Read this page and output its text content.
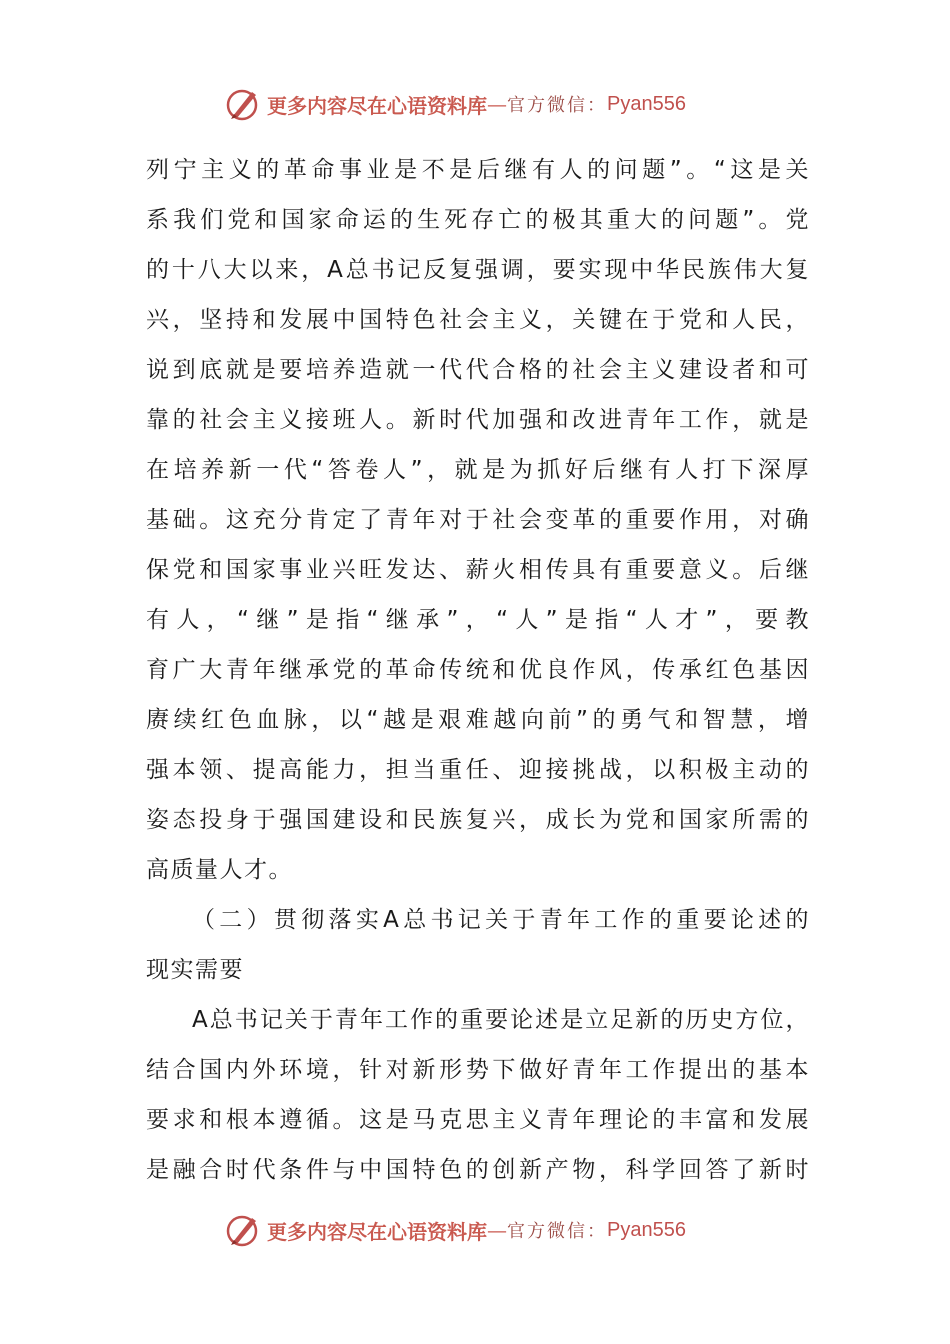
更多内容尽在心语资料库 — 官方微信： Pyan556
列宁主义的革命事业是不是后继有人的问题”。“这是关
系我们党和国家命运的生死存亡的极其重大的问题”。党
的十八大以来，A总书记反复强调，要实现中华民族伟大复
兴，坚持和发展中国特色社会主义，关键在于党和人民，
说到底就是要培养造就一代代合格的社会主义建设者和可
靠的社会主义接班人。新时代加强和改进青年工作，就是
在培养新一代“答卷人”，就是为抓好后继有人打下深厚
基础。这充分肯定了青年对于社会变革的重要作用，对确
保党和国家事业兴旺发达、薪火相传具有重要意义。后继
有人，“继”是指“继承”，“人”是指“人才”，要教
育广大青年继承党的革命传统和优良作风，传承红色基因
赓续红色血脉，以“越是艰难越向前”的勇气和智慧，增
强本领、提高能力，担当重任、迎接挑战，以积极主动的
姿态投身于强国建设和民族复兴，成长为党和国家所需的
高质量人才。
（二）贯彻落实A总书记关于青年工作的重要论述的
现实需要
A总书记关于青年工作的重要论述是立足新的历史方位，
结合国内外环境，针对新形势下做好青年工作提出的基本
要求和根本遵循。这是马克思主义青年理论的丰富和发展
是融合时代条件与中国特色的创新产物，科学回答了新时
更多内容尽在心语资料库 — 官方微信： Pyan556
